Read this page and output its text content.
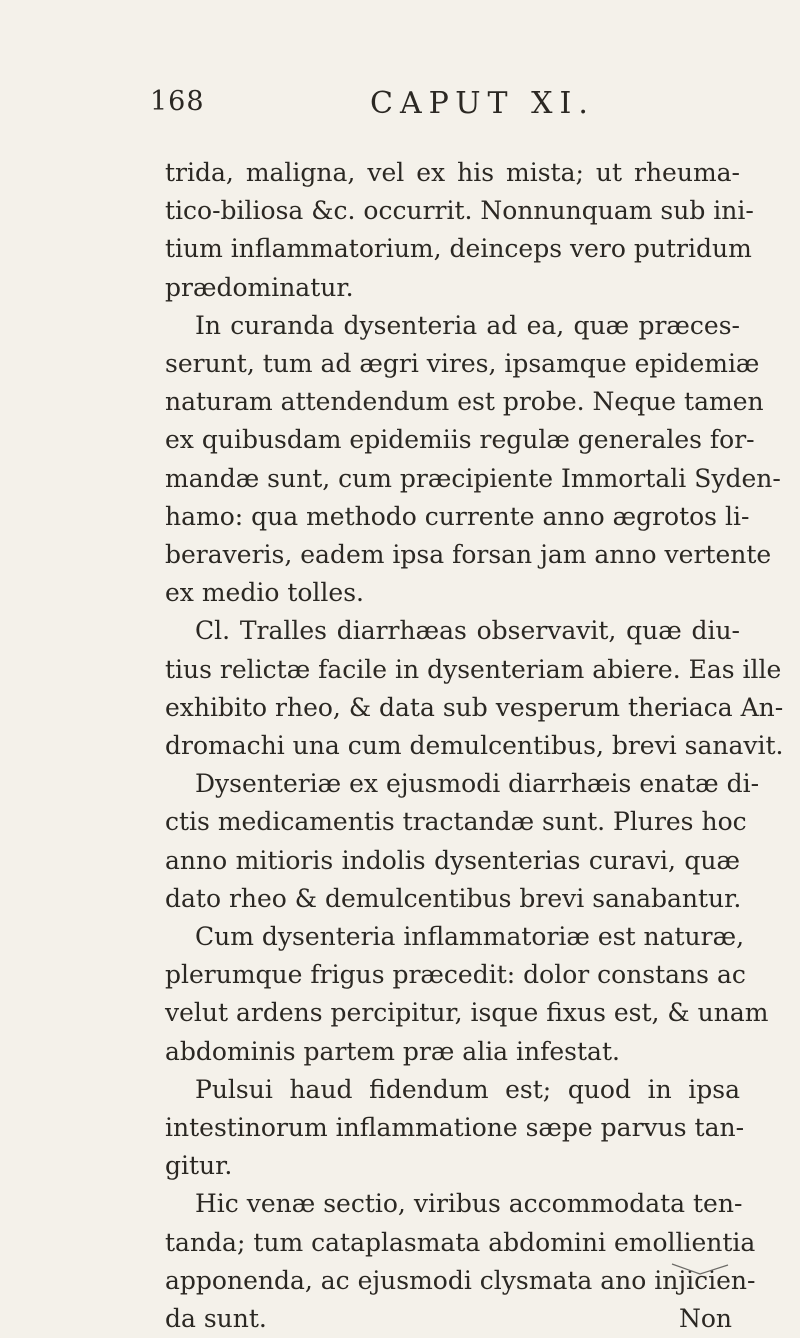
168	CAPUT XI.
trida, maligna, vel ex his mista; ut rheuma-
tico-biliosa &c. occurrit. Nonnunquam sub ini-
tium inflammatorium, deinceps vero putridum
prædominatur.
In curanda dysenteria ad ea, quæ præces-
serunt, tum ad ægri vires, ipsamque epidemiæ
naturam attendendum est probe. Neque tamen
ex quibusdam epidemiis regulæ generales for-
mandæ sunt, cum præcipiente Immortali Syden-
hamo: qua methodo currente anno ægrotos li-
beraveris, eadem ipsa forsan jam anno vertente
ex medio tolles.
Cl. Tralles diarrhæas observavit, quæ diu-
tius relictæ facile in dysenteriam abiere. Eas ille
exhibito rheo, & data sub vesperum theriaca An-
dromachi una cum demulcentibus, brevi sanavit.
Dysenteriæ ex ejusmodi diarrhæis enatæ di-
ctis medicamentis tractandæ sunt. Plures hoc
anno mitioris indolis dysenterias curavi, quæ
dato rheo & demulcentibus brevi sanabantur.
Cum dysenteria inflammatoriæ est naturæ,
plerumque frigus præcedit: dolor constans ac
velut ardens percipitur, isque fixus est, & unam
abdominis partem præ alia infestat.
Pulsui haud fidendum est; quod in ipsa
intestinorum inflammatione sæpe parvus tan-
gitur.
Hic venæ sectio, viribus accommodata ten-
tanda; tum cataplasmata abdomini emollientia
apponenda, ac ejusmodi clysmata ano injicien-
da sunt.	Non
